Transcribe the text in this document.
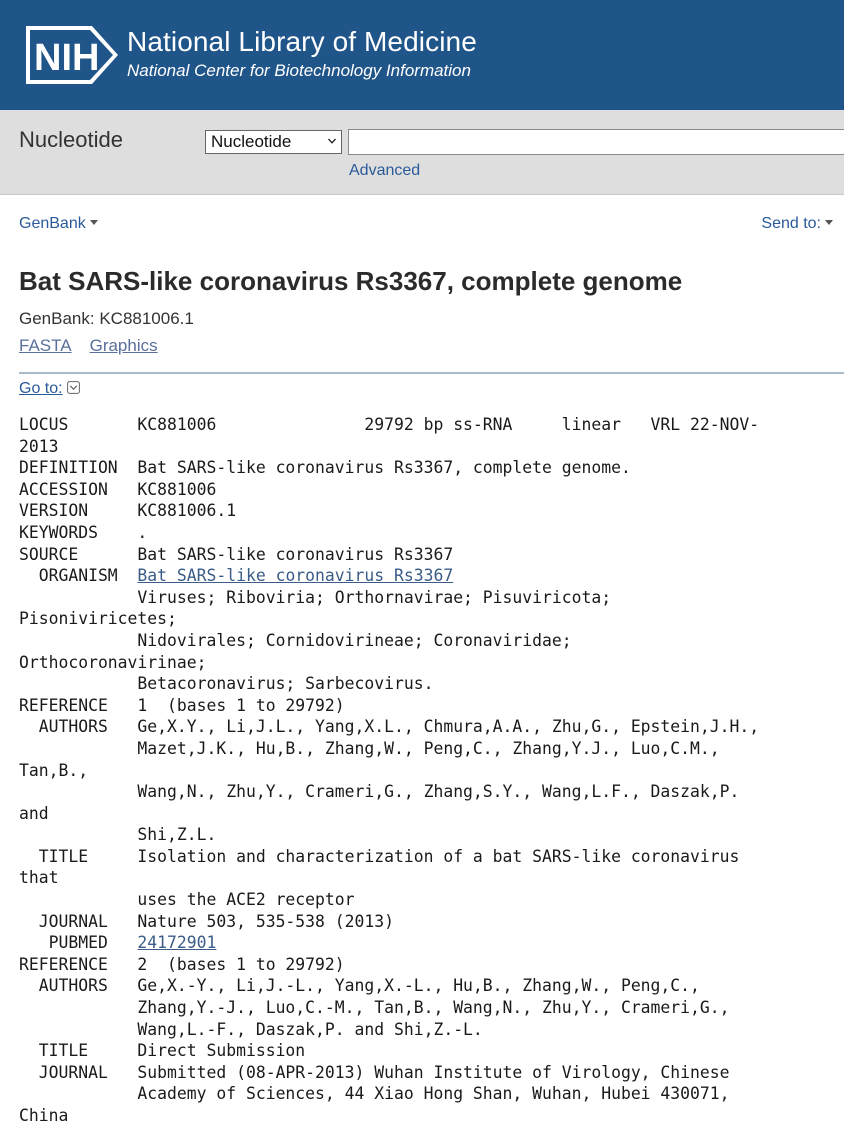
NIH National Library of Medicine
National Center for Biotechnology Information
Nucleotide	Nucleotide
Advanced
GenBank	Send to:
Bat SARS-like coronavirus Rs3367, complete genome
GenBank: KC881006.1
FASTA Graphics
Go to:
LOCUS       KC881006               29792 bp ss-RNA     linear   VRL 22-NOV-
2013
DEFINITION  Bat SARS-like coronavirus Rs3367, complete genome.
ACCESSION   KC881006
VERSION     KC881006.1
KEYWORDS    .
SOURCE      Bat SARS-like coronavirus Rs3367
ORGANISM  Bat SARS-like coronavirus Rs3367
Viruses; Riboviria; Orthornavirae; Pisuviricota;
Pisoniviricetes;
Nidovirales; Cornidovirineae; Coronaviridae;
Orthocoronavirinae;
Betacoronavirus; Sarbecovirus.
REFERENCE   1  (bases 1 to 29792)
AUTHORS   Ge,X.Y., Li,J.L., Yang,X.L., Chmura,A.A., Zhu,G., Epstein,J.H.,
Mazet,J.K., Hu,B., Zhang,W., Peng,C., Zhang,Y.J., Luo,C.M.,
Tan,B.,
Wang,N., Zhu,Y., Crameri,G., Zhang,S.Y., Wang,L.F., Daszak,P.
and
Shi,Z.L.
TITLE     Isolation and characterization of a bat SARS-like coronavirus
that
uses the ACE2 receptor
JOURNAL   Nature 503, 535-538 (2013)
PUBMED   24172901
REFERENCE   2  (bases 1 to 29792)
AUTHORS   Ge,X.-Y., Li,J.-L., Yang,X.-L., Hu,B., Zhang,W., Peng,C.,
Zhang,Y.-J., Luo,C.-M., Tan,B., Wang,N., Zhu,Y., Crameri,G.,
Wang,L.-F., Daszak,P. and Shi,Z.-L.
TITLE     Direct Submission
JOURNAL   Submitted (08-APR-2013) Wuhan Institute of Virology, Chinese
Academy of Sciences, 44 Xiao Hong Shan, Wuhan, Hubei 430071,
China
